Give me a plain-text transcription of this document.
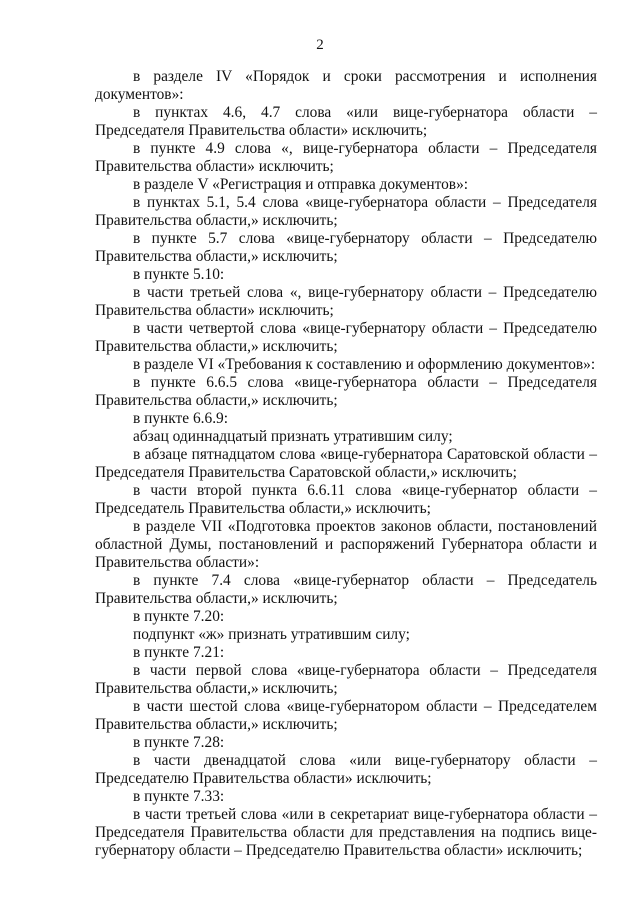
2

в разделе IV «Порядок и сроки рассмотрения и исполнения документов»:

в пунктах 4.6, 4.7 слова «или вице-губернатора области – Председателя Правительства области» исключить;

в пункте 4.9 слова «, вице-губернатора области – Председателя Правительства области» исключить;

в разделе V «Регистрация и отправка документов»:

в пунктах 5.1, 5.4 слова «вице-губернатора области – Председателя Правительства области,» исключить;

в пункте 5.7 слова «вице-губернатору области – Председателю Правительства области,» исключить;

в пункте 5.10:

в части третьей слова «, вице-губернатору области – Председателю Правительства области» исключить;

в части четвертой слова «вице-губернатору области – Председателю Правительства области,» исключить;

в разделе VI «Требования к составлению и оформлению документов»:

в пункте 6.6.5 слова «вице-губернатора области – Председателя Правительства области,» исключить;

в пункте 6.6.9:

абзац одиннадцатый признать утратившим силу;

в абзаце пятнадцатом слова «вице-губернатора Саратовской области – Председателя Правительства Саратовской области,» исключить;

в части второй пункта 6.6.11 слова «вице-губернатор области – Председатель Правительства области,» исключить;

в разделе VII «Подготовка проектов законов области, постановлений областной Думы, постановлений и распоряжений Губернатора области и Правительства области»:

в пункте 7.4 слова «вице-губернатор области – Председатель Правительства области,» исключить;

в пункте 7.20:

подпункт «ж» признать утратившим силу;

в пункте 7.21:

в части первой слова «вице-губернатора области – Председателя Правительства области,» исключить;

в части шестой слова «вице-губернатором области – Председателем Правительства области,» исключить;

в пункте 7.28:

в части двенадцатой слова «или вице-губернатору области – Председателю Правительства области» исключить;

в пункте 7.33:

в части третьей слова «или в секретариат вице-губернатора области – Председателя Правительства области для представления на подпись вице-губернатору области – Председателю Правительства области» исключить;
